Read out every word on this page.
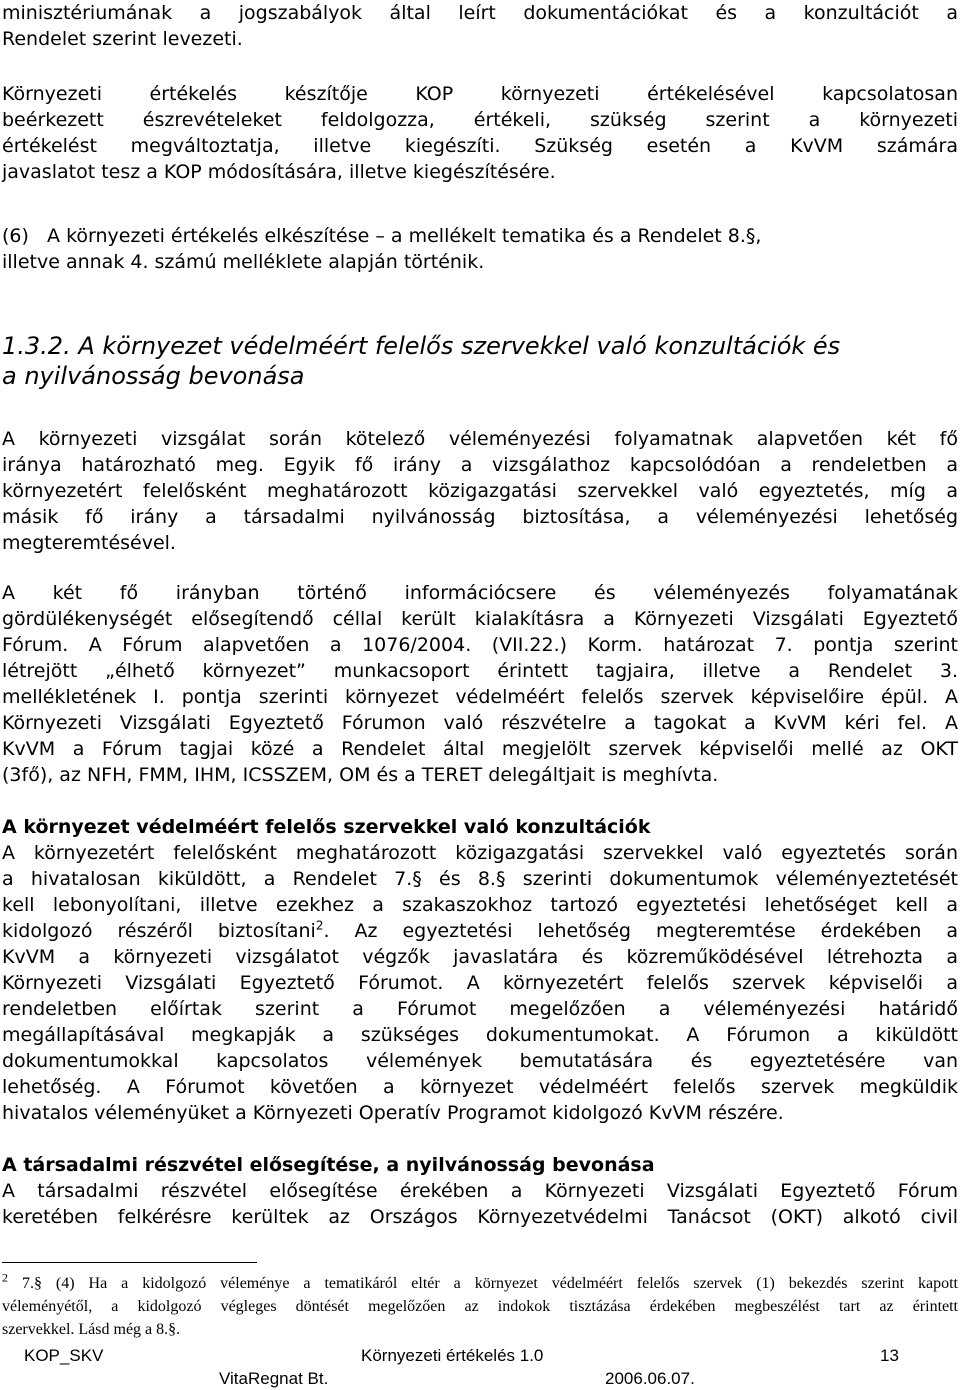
minisztériumának a jogszabályok által leírt dokumentációkat és a konzultációt a
Rendelet szerint levezeti.
Környezeti értékelés készítője KOP környezeti értékelésével kapcsolatosan
beérkezett észrevételeket feldolgozza, értékeli, szükség szerint a környezeti
értékelést megváltoztatja, illetve kiegészíti. Szükség esetén a KvVM számára
javaslatot tesz a KOP módosítására, illetve kiegészítésére.
(6)   A környezeti értékelés elkészítése – a mellékelt tematika és a Rendelet 8.§,
illetve annak 4. számú melléklete alapján történik.
1.3.2. A környezet védelméért felelős szervekkel való konzultációk és
a nyilvánosság bevonása
A környezeti vizsgálat során kötelező véleményezési folyamatnak alapvetően két fő
iránya határozható meg. Egyik fő irány a vizsgálathoz kapcsolódóan a rendeletben a
környezetért felelősként meghatározott közigazgatási szervekkel való egyeztetés, míg a
másik fő irány a társadalmi nyilvánosság biztosítása, a véleményezési lehetőség
megteremtésével.
A két fő irányban történő információcsere és véleményezés folyamatának
gördülékenységét elősegítendő céllal került kialakításra a Környezeti Vizsgálati Egyeztető
Fórum. A Fórum alapvetően a 1076/2004. (VII.22.) Korm. határozat 7. pontja szerint
létrejött „élhető környezet” munkacsoport érintett tagjaira, illetve a Rendelet 3.
mellékletének I. pontja szerinti környezet védelméért felelős szervek képviselőire épül. A
Környezeti Vizsgálati Egyeztető Fórumon való részvételre a tagokat a KvVM kéri fel. A
KvVM a Fórum tagjai közé a Rendelet által megjelölt szervek képviselői mellé az OKT
(3fő), az NFH, FMM, IHM, ICSSZEM, OM és a TERET delegáltjait is meghívta.
A környezet védelméért felelős szervekkel való konzultációk
A környezetért felelősként meghatározott közigazgatási szervekkel való egyeztetés során
a hivatalosan kiküldött, a Rendelet 7.§ és 8.§ szerinti dokumentumok véleményeztetését
kell lebonyolítani, illetve ezekhez a szakaszokhoz tartozó egyeztetési lehetőséget kell a
kidolgozó részéről biztosítani$^2$. Az egyeztetési lehetőség megteremtése érdekében a
KvVM a környezeti vizsgálatot végzők javaslatára és közreműködésével létrehozta a
Környezeti Vizsgálati Egyeztető Fórumot. A környezetért felelős szervek képviselői a
rendeletben előírtak szerint a Fórumot megelőzően a véleményezési határidő
megállapításával megkapják a szükséges dokumentumokat. A Fórumon a kiküldött
dokumentumokkal kapcsolatos vélemények bemutatására és egyeztetésére van
lehetőség. A Fórumot követően a környezet védelméért felelős szervek megküldik
hivatalos véleményüket a Környezeti Operatív Programot kidolgozó KvVM részére.
A társadalmi részvétel elősegítése, a nyilvánosság bevonása
A társadalmi részvétel elősegítése érekében a Környezeti Vizsgálati Egyeztető Fórum
keretében felkérésre kerültek az Országos Környezetvédelmi Tanácsot (OKT) alkotó civil
$^2$ 7.§ (4) Ha a kidolgozó véleménye a tematikáról eltér a környezet védelméért felelős szervek (1) bekezdés szerint kapott
véleményétől, a kidolgozó végleges döntését megelőzően az indokok tisztázása érdekében megbeszélést tart az érintett
szervekkel. Lásd még a 8.§.
KOP_SKV	Környezeti értékelés 1.0	13
VitaRegnat Bt.	2006.06.07.
